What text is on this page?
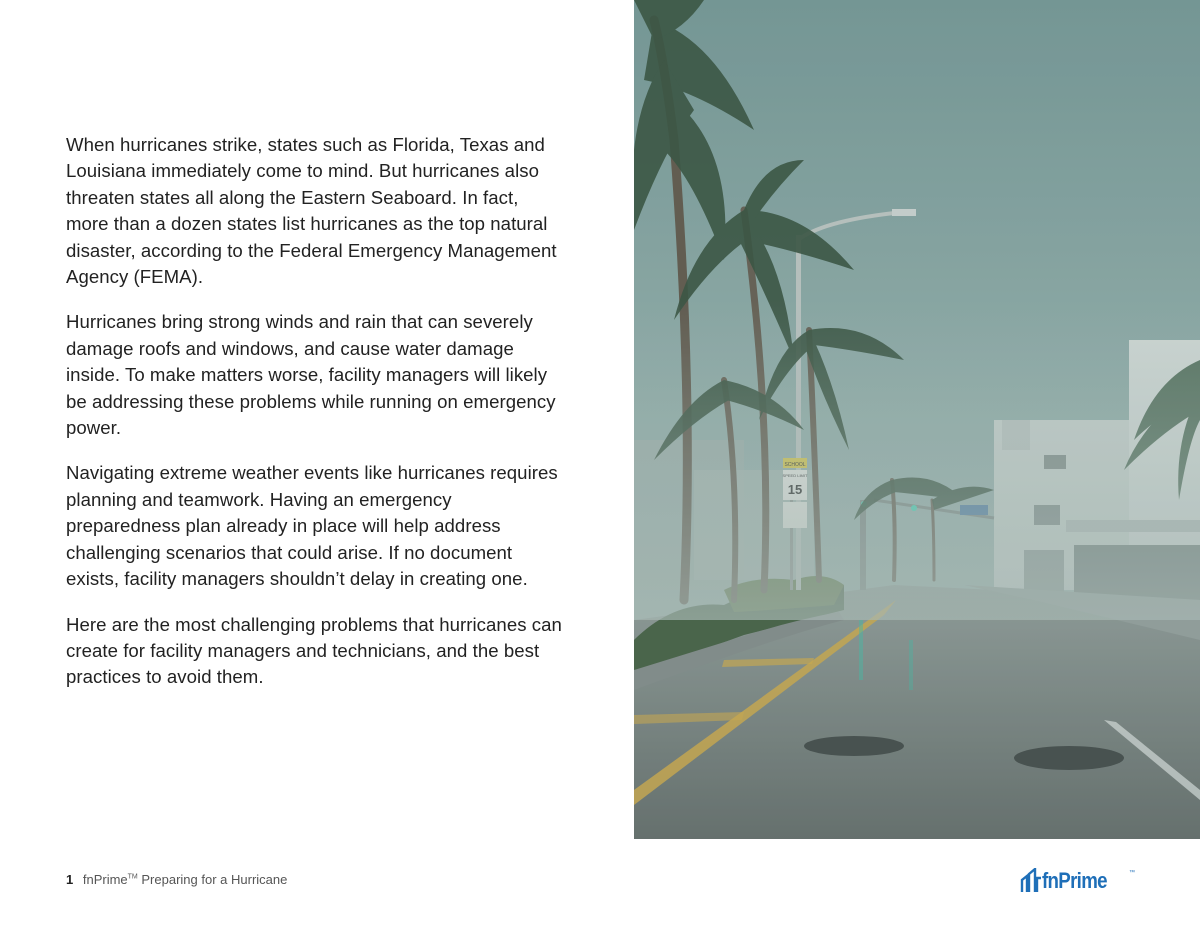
When hurricanes strike, states such as Florida, Texas and Louisiana immediately come to mind. But hurricanes also threaten states all along the Eastern Seaboard. In fact, more than a dozen states list hurricanes as the top natural disaster, according to the Federal Emergency Management Agency (FEMA).

Hurricanes bring strong winds and rain that can severely damage roofs and windows, and cause water damage inside. To make matters worse, facility managers will likely be addressing these problems while running on emergency power.

Navigating extreme weather events like hurricanes requires planning and teamwork. Having an emergency preparedness plan already in place will help address challenging scenarios that could arise. If no document exists, facility managers shouldn’t delay in creating one.

Here are the most challenging problems that hurricanes can create for facility managers and technicians, and the best practices to avoid them.

1 fnPrime™ Preparing for a Hurricane	fnPrime	™
